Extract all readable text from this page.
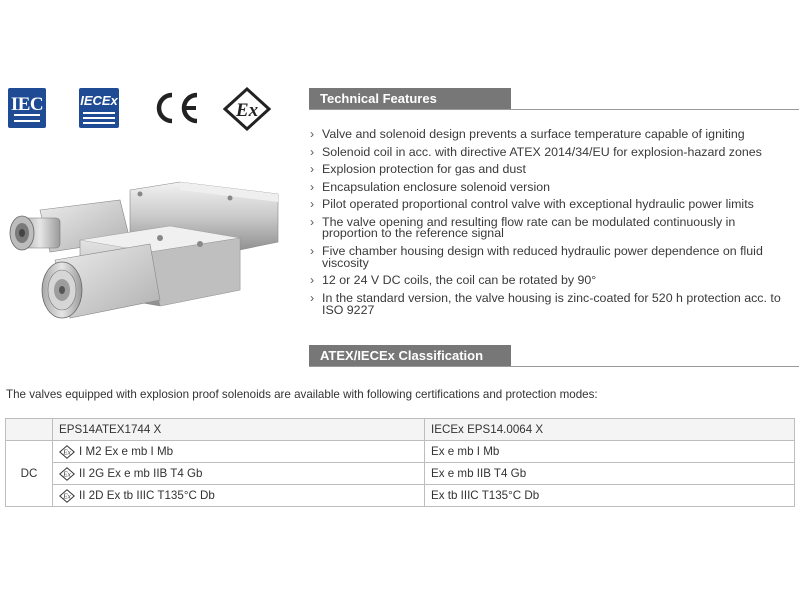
IEC	IECEx	Ex
Technical Features
› Valve and solenoid design prevents a surface temperature capable of igniting
› Solenoid coil in acc. with directive ATEX 2014/34/EU for explosion-hazard zones
› Explosion protection for gas and dust
› Encapsulation enclosure solenoid version
› Pilot operated proportional control valve with exceptional hydraulic power limits
› The valve opening and resulting flow rate can be modulated continuously in proportion to the reference signal
› Five chamber housing design with reduced hydraulic power dependence on fluid viscosity
› 12 or 24 V DC coils, the coil can be rotated by 90°
› In the standard version, the valve housing is zinc-coated for 520 h protection acc. to ISO 9227
ATEX/IECEx Classification
The valves equipped with explosion proof solenoids are available with following certifications and protection modes:
	EPS14ATEX1744 X	IECEx EPS14.0064 X
DC	Ex I M2 Ex e mb I Mb	Ex e mb I Mb

Ex II 2G Ex e mb IIB T4 Gb	Ex e mb IIB T4 Gb

Ex II 2D Ex tb IIIC T135°C Db	Ex tb IIIC T135°C Db
